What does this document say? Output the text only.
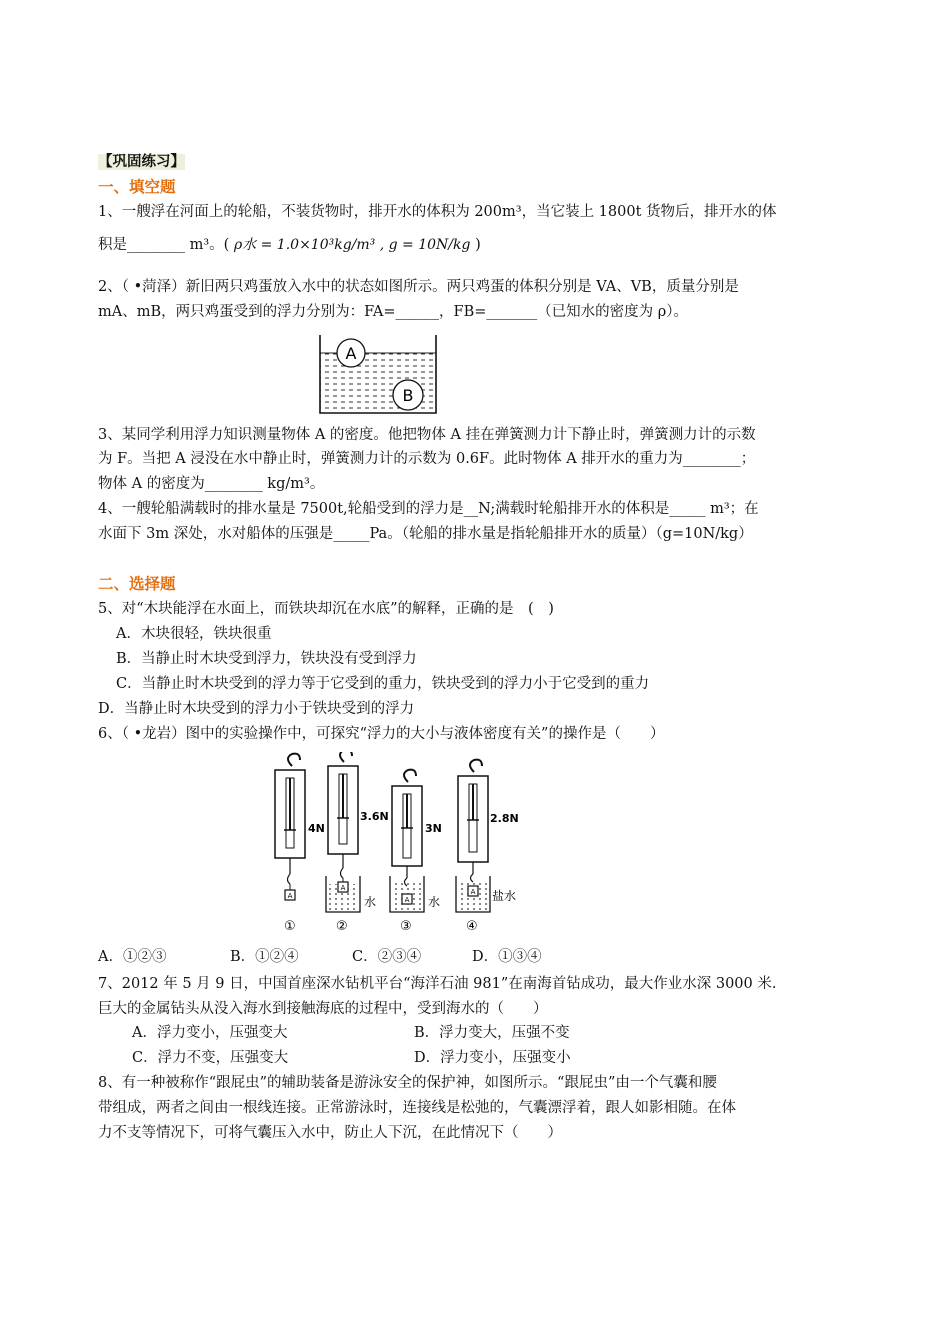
【巩固练习】
一、填空题
1、一艘浮在河面上的轮船，不装货物时，排开水的体积为 200m³，当它装上 1800t 货物后，排开水的体
积是________ m³。( ρ水 = 1.0×10³kg/m³ , g = 10N/kg )
2、（ •菏泽）新旧两只鸡蛋放入水中的状态如图所示。两只鸡蛋的体积分别是 VA、VB，质量分别是
mA、mB，两只鸡蛋受到的浮力分别为：FA=______，FB=_______（已知水的密度为 ρ）。
A
B
3、某同学利用浮力知识测量物体 A 的密度。他把物体 A 挂在弹簧测力计下静止时，弹簧测力计的示数
为 F。当把 A 浸没在水中静止时，弹簧测力计的示数为 0.6F。此时物体 A 排开水的重力为________；
物体 A 的密度为________ kg/m³。
4、一艘轮船满载时的排水量是 7500t,轮船受到的浮力是__N;满载时轮船排开水的体积是_____ m³；在
水面下 3m 深处，水对船体的压强是_____Pa。（轮船的排水量是指轮船排开水的质量）（g=10N/kg）
二、选择题
5、对“木块能浮在水面上，而铁块却沉在水底”的解释，正确的是　(　)
A．木块很轻，铁块很重
B．当静止时木块受到浮力，铁块没有受到浮力
C．当静止时木块受到的浮力等于它受到的重力，铁块受到的浮力小于它受到的重力
D．当静止时木块受到的浮力小于铁块受到的浮力
6、（ •龙岩）图中的实验操作中，可探究“浮力的大小与液体密度有关”的操作是（　　）
A
4N
①
A
3.6N
水
②
A
3N
水
③
A
2.8N
盐水
④
A．①②③	B．①②④	C．②③④	D．①③④
7、2012 年 5 月 9 日，中国首座深水钻机平台“海洋石油 981”在南海首钻成功，最大作业水深 3000 米.
巨大的金属钻头从没入海水到接触海底的过程中，受到海水的（　　）
A．浮力变小，压强变大	B．浮力变大，压强不变
C．浮力不变，压强变大	D．浮力变小，压强变小
8、有一种被称作“跟屁虫”的辅助装备是游泳安全的保护神，如图所示。“跟屁虫”由一个气囊和腰
带组成，两者之间由一根线连接。正常游泳时，连接线是松弛的，气囊漂浮着，跟人如影相随。在体
力不支等情况下，可将气囊压入水中，防止人下沉，在此情况下（　　）
